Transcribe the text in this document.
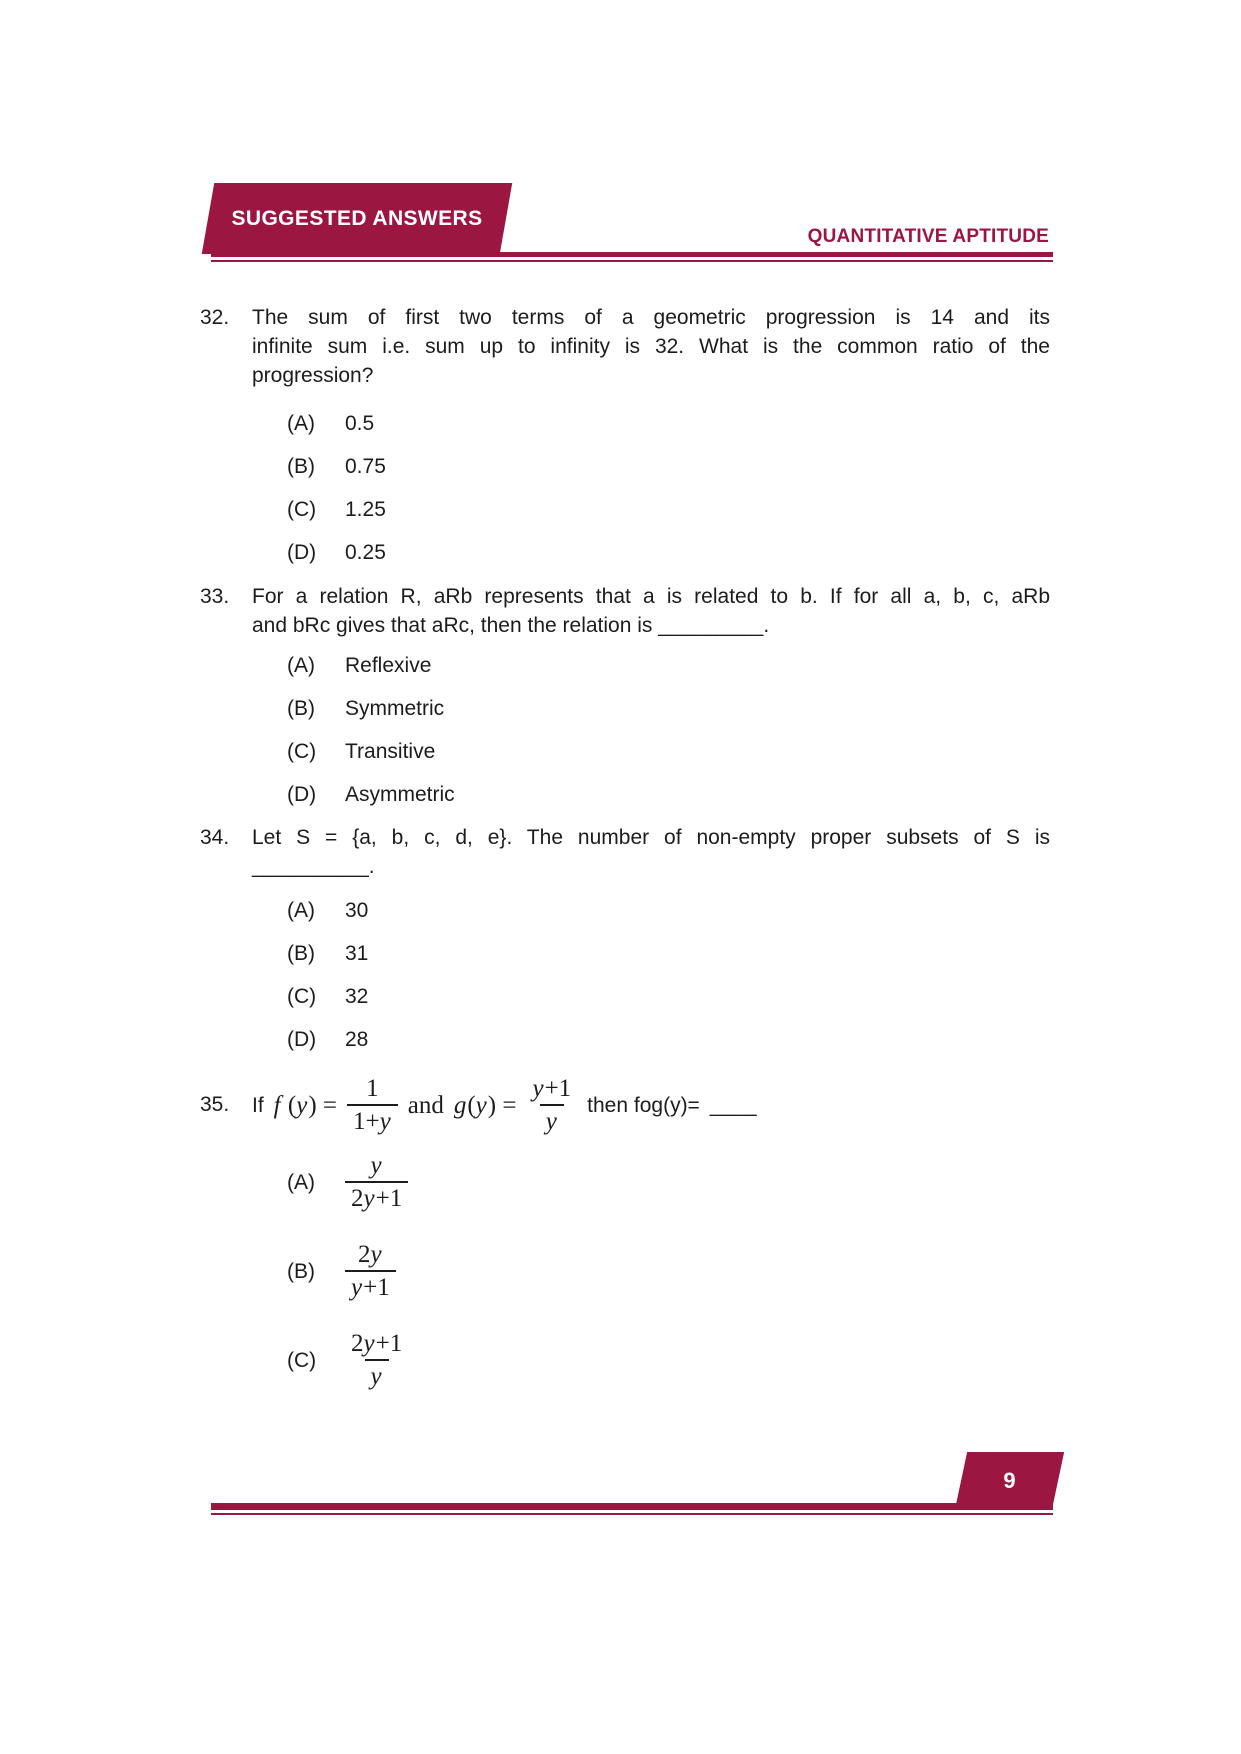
SUGGESTED ANSWERS
QUANTITATIVE APTITUDE
32.	The sum of first two terms of a geometric progression is 14 and its
infinite sum i.e. sum up to infinity is 32. What is the common ratio of the
progression?
(A)	0.5
(B)	0.75
(C)	1.25
(D)	0.25
33.	For a relation R, aRb represents that a is related to b. If for all a, b, c, aRb
and bRc gives that aRc, then the relation is _________.
(A)	Reflexive
(B)	Symmetric
(C)	Transitive
(D)	Asymmetric
34.	Let S = {a, b, c, d, e}. The number of non-empty proper subsets of S is
__________.
(A)	30
(B)	31
(C)	32
(D)	28
35.	If f $(y) = \frac{1}{1+y}$ and $g(y) = \frac{y+1}{y}$ then fog(y)= ____
(A)	$\frac{y}{2y+1}$
(B)	$\frac{2y}{y+1}$
(C)	$\frac{2y+1}{y}$
9
